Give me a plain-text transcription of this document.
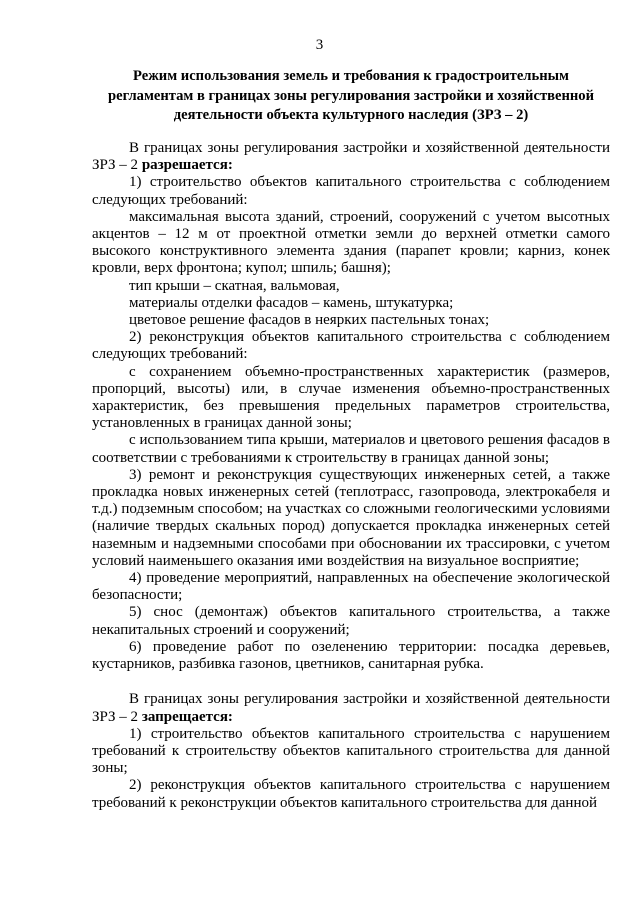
3
Режим использования земель и требования к градостроительным регламентам в границах зоны регулирования застройки и хозяйственной деятельности объекта культурного наследия (ЗРЗ – 2)

В границах зоны регулирования застройки и хозяйственной деятельности ЗРЗ – 2 разрешается:

1) строительство объектов капитального строительства с соблюдением следующих требований:

максимальная высота зданий, строений, сооружений с учетом высотных акцентов – 12 м от проектной отметки земли до верхней отметки самого высокого конструктивного элемента здания (парапет кровли; карниз, конек кровли, верх фронтона; купол; шпиль; башня);

тип крыши – скатная, вальмовая,

материалы отделки фасадов – камень, штукатурка;

цветовое решение фасадов в неярких пастельных тонах;

2) реконструкция объектов капитального строительства с соблюдением следующих требований:

с сохранением объемно-пространственных характеристик (размеров, пропорций, высоты) или, в случае изменения объемно-пространственных характеристик, без превышения предельных параметров строительства, установленных в границах данной зоны;

с использованием типа крыши, материалов и цветового решения фасадов в соответствии с требованиями к строительству в границах данной зоны;

3) ремонт и реконструкция существующих инженерных сетей, а также прокладка новых инженерных сетей (теплотрасс, газопровода, электрокабеля и т.д.) подземным способом; на участках со сложными геологическими условиями (наличие твердых скальных пород) допускается прокладка инженерных сетей наземным и надземными способами при обосновании их трассировки, с учетом условий наименьшего оказания ими воздействия на визуальное восприятие;

4) проведение мероприятий, направленных на обеспечение экологической безопасности;

5) снос (демонтаж) объектов капитального строительства, а также некапитальных строений и сооружений;

6) проведение работ по озеленению территории: посадка деревьев, кустарников, разбивка газонов, цветников, санитарная рубка.

В границах зоны регулирования застройки и хозяйственной деятельности ЗРЗ – 2 запрещается:

1) строительство объектов капитального строительства с нарушением требований к строительству объектов капитального строительства для данной зоны;

2) реконструкция объектов капитального строительства с нарушением требований к реконструкции объектов капитального строительства для данной
